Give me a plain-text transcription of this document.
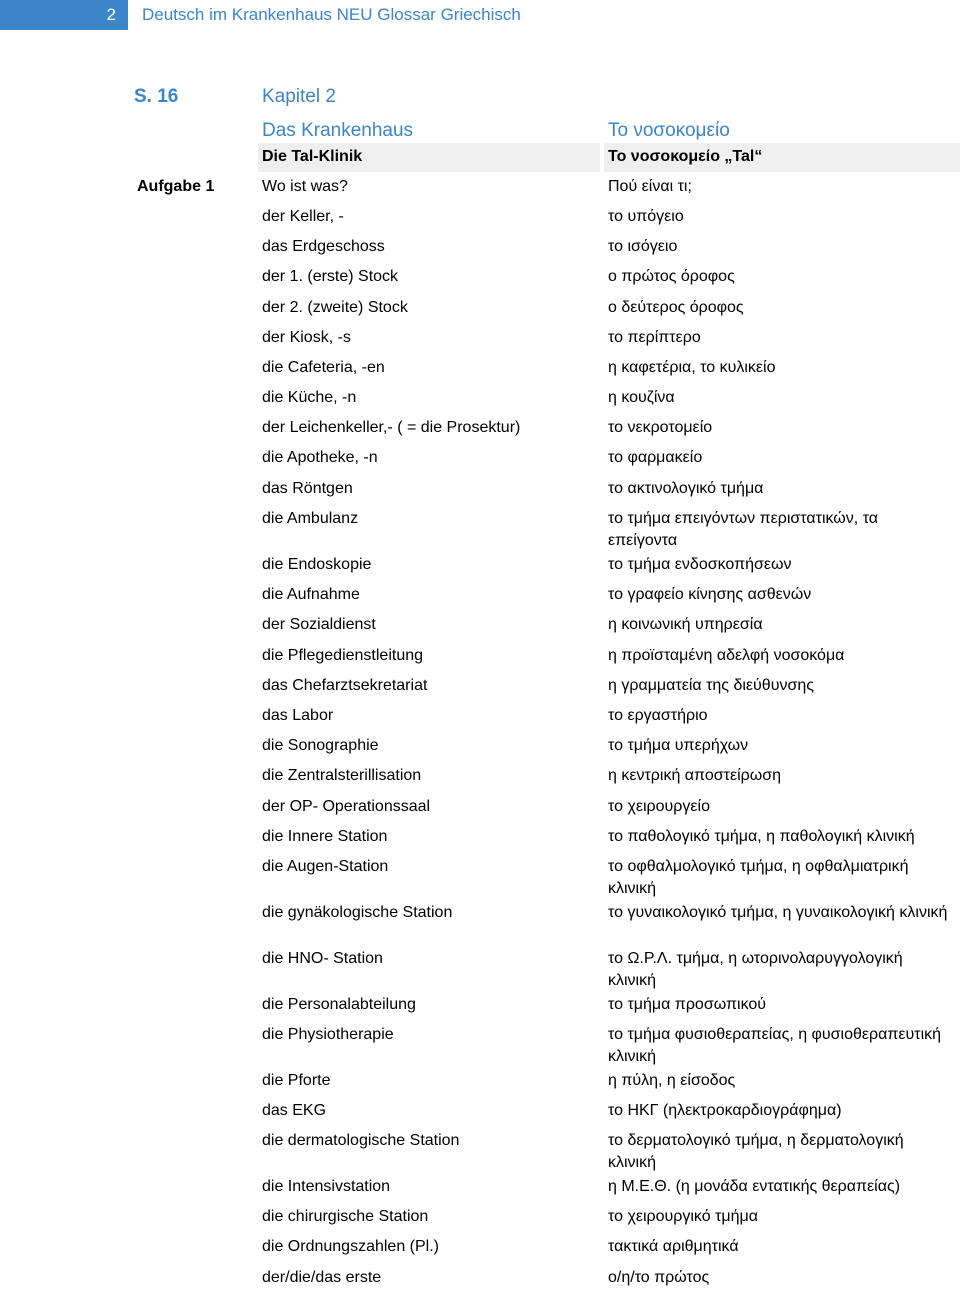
2	Deutsch im Krankenhaus NEU Glossar Griechisch
S. 16	Kapitel 2
Das Krankenhaus	Το νοσοκομείο
Die Tal-Klinik	Το νοσοκομείο „Tal“
Aufgabe 1	Wo ist was?	Πού είναι τι;
der Keller, -	το υπόγειο
das Erdgeschoss	το ισόγειο
der 1. (erste) Stock	ο πρώτος όροφος
der 2. (zweite) Stock	ο δεύτερος όροφος
der Kiosk, -s	το περίπτερο
die Cafeteria, -en	η καφετέρια, το κυλικείο
die Küche, -n	η κουζίνα
der Leichenkeller,- ( = die Prosektur)	το νεκροτομείο
die Apotheke, -n	το φαρμακείο
das Röntgen	το ακτινολογικό τμήμα
die Ambulanz	το τμήμα επειγόντων περιστατικών, τα επείγοντα
die Endoskopie	το τμήμα ενδοσκοπήσεων
die Aufnahme	το γραφείο κίνησης ασθενών
der Sozialdienst	η κοινωνική υπηρεσία
die Pflegedienstleitung	η προϊσταμένη αδελφή νοσοκόμα
das Chefarztsekretariat	η γραμματεία της διεύθυνσης
das Labor	το εργαστήριο
die Sonographie	το τμήμα υπερήχων
die Zentralsterillisation	η κεντρική αποστείρωση
der OP- Operationssaal	το χειρουργείο
die Innere Station	το παθολογικό τμήμα, η παθολογική κλινική
die Augen-Station	το οφθαλμολογικό τμήμα, η οφθαλμιατρική κλινική
die gynäkologische Station	το γυναικολογικό τμήμα, η γυναικολογική κλινική
die HNO- Station	το Ω.Ρ.Λ. τμήμα, η ωτορινολαρυγγολογική κλινική
die Personalabteilung	το τμήμα προσωπικού
die Physiotherapie	το τμήμα φυσιοθεραπείας, η φυσιοθεραπευτική κλινική
die Pforte	η πύλη, η είσοδος
das EKG	το ΗΚΓ (ηλεκτροκαρδιογράφημα)
die dermatologische Station	το δερματολογικό τμήμα, η δερματολογική κλινική
die Intensivstation	η Μ.Ε.Θ. (η μονάδα εντατικής θεραπείας)
die chirurgische Station	το χειρουργικό τμήμα
die Ordnungszahlen (Pl.)	τακτικά αριθμητικά
der/die/das erste	ο/η/το πρώτος
